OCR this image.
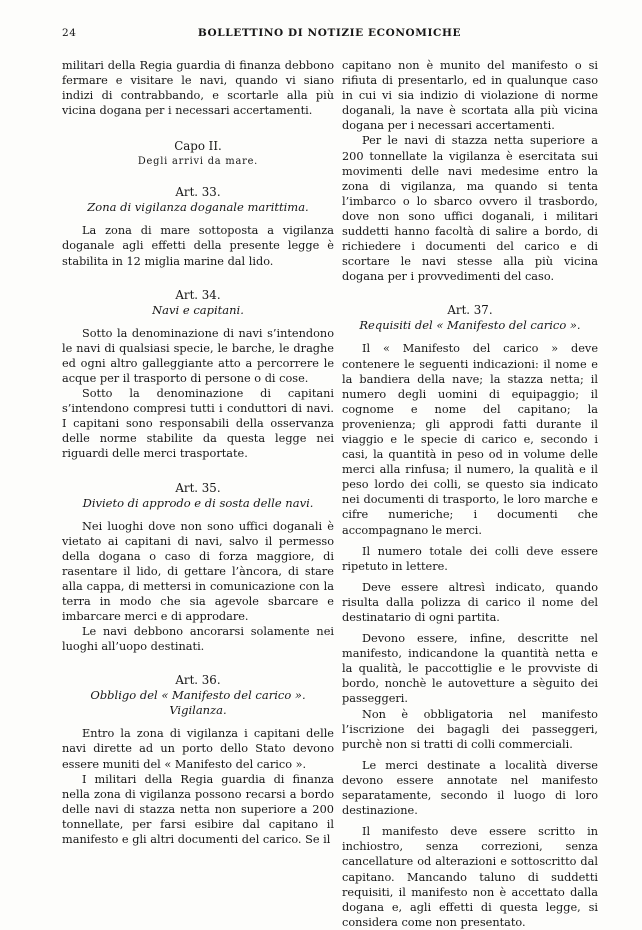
24	BOLLETTINO DI NOTIZIE ECONOMICHE

militari della Regia guardia di finanza debbono fermare e visitare le navi, quando vi siano indizi di contrabbando, e scortarle alla più vicina dogana per i necessari accertamenti.

Capo II.
Degli arrivi da mare.
Art. 33.
Zona di vigilanza doganale marittima.

La zona di mare sottoposta a vigilanza doganale agli effetti della presente legge è stabilita in 12 miglia marine dal lido.

Art. 34.
Navi e capitani.

Sotto la denominazione di navi s’intendono le navi di qualsiasi specie, le barche, le draghe ed ogni altro galleggiante atto a percorrere le acque per il trasporto di persone o di cose.

Sotto la denominazione di capitani s’intendono compresi tutti i conduttori di navi. I capitani sono responsabili della osservanza delle norme stabilite da questa legge nei riguardi delle merci trasportate.

Art. 35.
Divieto di approdo e di sosta delle navi.

Nei luoghi dove non sono uffici doganali è vietato ai capitani di navi, salvo il permesso della dogana o caso di forza maggiore, di rasentare il lido, di gettare l’àncora, di stare alla cappa, di mettersi in comunicazione con la terra in modo che sia agevole sbarcare e imbarcare merci e di approdare.

Le navi debbono ancorarsi solamente nei luoghi all’uopo destinati.

Art. 36.
Obbligo del « Manifesto del carico ». Vigilanza.

Entro la zona di vigilanza i capitani delle navi dirette ad un porto dello Stato devono essere muniti del « Manifesto del carico ».

I militari della Regia guardia di finanza nella zona di vigilanza possono recarsi a bordo delle navi di stazza netta non superiore a 200 tonnellate, per farsi esibire dal capitano il manifesto e gli altri documenti del carico. Se il

capitano non è munito del manifesto o si rifiuta di presentarlo, ed in qualunque caso in cui vi sia indizio di violazione di norme doganali, la nave è scortata alla più vicina dogana per i necessari accertamenti.

Per le navi di stazza netta superiore a 200 tonnellate la vigilanza è esercitata sui movimenti delle navi medesime entro la zona di vigilanza, ma quando si tenta l’imbarco o lo sbarco ovvero il trasbordo, dove non sono uffici doganali, i militari suddetti hanno facoltà di salire a bordo, di richiedere i documenti del carico e di scortare le navi stesse alla più vicina dogana per i provvedimenti del caso.

Art. 37.
Requisiti del « Manifesto del carico ».

Il « Manifesto del carico » deve contenere le seguenti indicazioni: il nome e la bandiera della nave; la stazza netta; il numero degli uomini di equipaggio; il cognome e nome del capitano; la provenienza; gli approdi fatti durante il viaggio e le specie di carico e, secondo i casi, la quantità in peso od in volume delle merci alla rinfusa; il numero, la qualità e il peso lordo dei colli, se questo sia indicato nei documenti di trasporto, le loro marche e cifre numeriche; i documenti che accompagnano le merci.

Il numero totale dei colli deve essere ripetuto in lettere.

Deve essere altresì indicato, quando risulta dalla polizza di carico il nome del destinatario di ogni partita.

Devono essere, infine, descritte nel manifesto, indicandone la quantità netta e la qualità, le paccottiglie e le provviste di bordo, nonchè le autovetture a sèguito dei passeggeri.

Non è obbligatoria nel manifesto l’iscrizione dei bagagli dei passeggeri, purchè non si tratti di colli commerciali.

Le merci destinate a località diverse devono essere annotate nel manifesto separatamente, secondo il luogo di loro destinazione.

Il manifesto deve essere scritto in inchiostro, senza correzioni, senza cancellature od alterazioni e sottoscritto dal capitano. Mancando taluno di suddetti requisiti, il manifesto non è accettato dalla dogana e, agli effetti di questa legge, si considera come non presentato.
